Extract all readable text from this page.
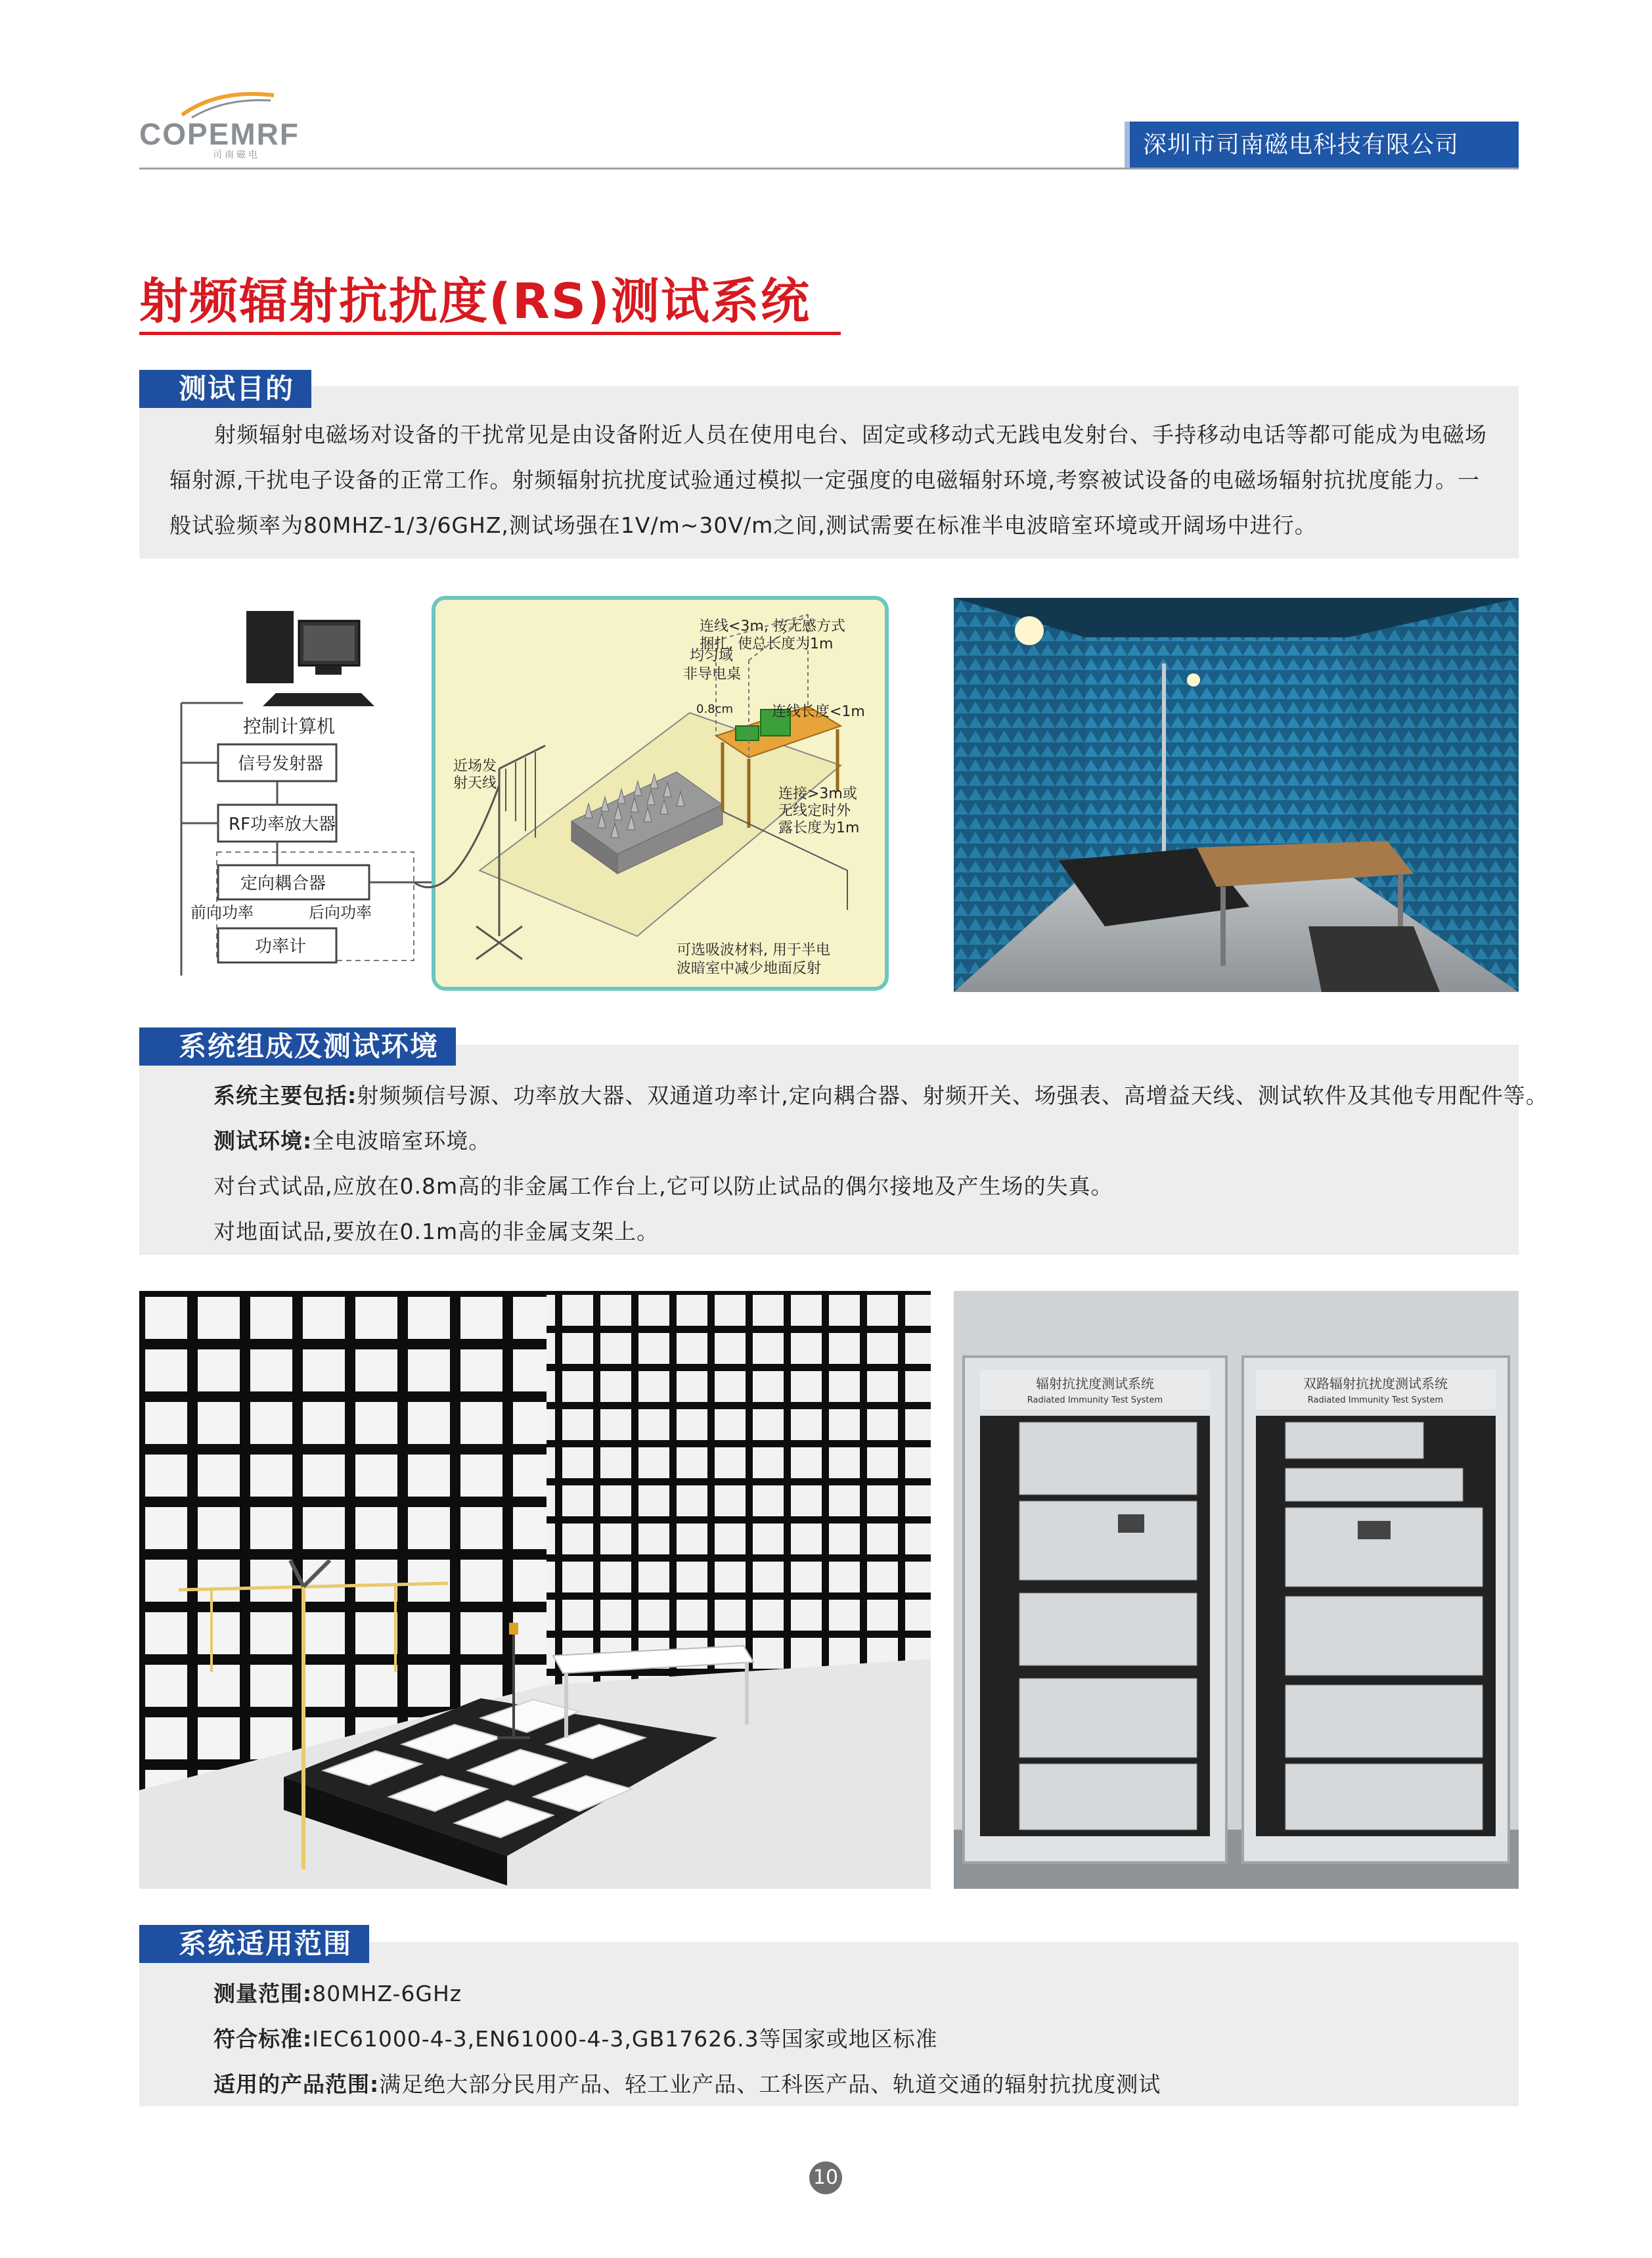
COPEMRF
司南磁电	深圳市司南磁电科技有限公司
射频辐射抗扰度(RS)测试系统
测试目的

射频辐射电磁场对设备的干扰常见是由设备附近人员在使用电台、固定或移动式无践电发射台、手持移动电话等都可能成为电磁场

辐射源,干扰电子设备的正常工作。射频辐射抗扰度试验通过模拟一定强度的电磁辐射环境,考察被试设备的电磁场辐射抗扰度能力。一

般试验频率为80MHZ-1/3/6GHZ,测试场强在1V/m~30V/m之间,测试需要在标准半电波暗室环境或开阔场中进行。

控制计算机
信号发射器
RF功率放大器
定向耦合器
前向功率	后向功率
功率计
均匀域
非导电桌
0.8cm
连线<3m, 按无感方式
捆扎, 使总长度为1m
连线长度<1m
连接>3m或
无线定时外
露长度为1m
近场发
射天线
可选吸波材料, 用于半电
波暗室中减少地面反射
系统组成及测试环境

系统主要包括:射频频信号源、功率放大器、双通道功率计,定向耦合器、射频开关、场强表、高增益天线、测试软件及其他专用配件等。

测试环境:全电波暗室环境。

对台式试品,应放在0.8m高的非金属工作台上,它可以防止试品的偶尔接地及产生场的失真。

对地面试品,要放在0.1m高的非金属支架上。

辐射抗扰度测试系统
Radiated Immunity Test System
双路辐射抗扰度测试系统
Radiated Immunity Test System
系统适用范围

测量范围:80MHZ-6GHz

符合标准:IEC61000-4-3,EN61000-4-3,GB17626.3等国家或地区标准

适用的产品范围:满足绝大部分民用产品、轻工业产品、工科医产品、轨道交通的辐射抗扰度测试

10
